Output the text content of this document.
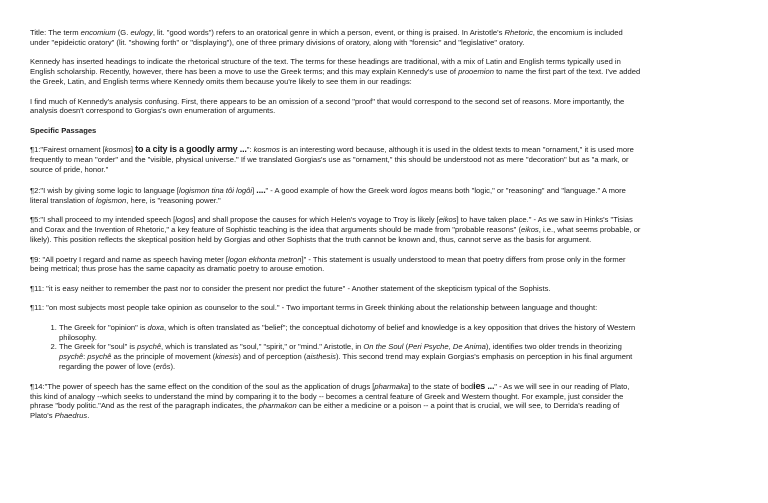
Title: The term encomium (G. eulogy, lit. "good words") refers to an oratorical genre in which a person, event, or thing is praised. In Aristotle's Rhetoric, the encomium is included under "epideictic oratory" (lit. "showing forth" or "displaying"), one of three primary divisions of oratory, along with "forensic" and "legislative" oratory.

Kennedy has inserted headings to indicate the rhetorical structure of the text. The terms for these headings are traditional, with a mix of Latin and English terms typically used in English scholarship. Recently, however, there has been a move to use the Greek terms; and this may explain Kennedy's use of prooemion to name the first part of the text. I've added the Greek, Latin, and English terms where Kennedy omits them because you're likely to see them in our readings:

I find much of Kennedy's analysis confusing. First, there appears to be an omission of a second "proof" that would correspond to the second set of reasons. More importantly, the analysis doesn't correspond to Gorgias's own enumeration of arguments.

Specific Passages

¶1:"Fairest ornament [kosmos] to a city is a goodly army ...": kosmos is an interesting word because, although it is used in the oldest texts to mean "ornament," it is used more frequently to mean "order" and the "visible, physical universe." If we translated Gorgias's use as "ornament," this should be understood not as mere "decoration" but as "a mark, or source of pride, honor."

¶2:"I wish by giving some logic to language [logismon tina tôi logôi] ...." - A good example of how the Greek word logos means both "logic," or "reasoning" and "language." A more literal translation of logismon, here, is "reasoning power."

¶5:"I shall proceed to my intended speech [logos] and shall propose the causes for which Helen's voyage to Troy is likely [eikos] to have taken place." - As we saw in Hinks's "Tisias and Corax and the Invention of Rhetoric," a key feature of Sophistic teaching is the idea that arguments should be made from "probable reasons" (eikos, i.e., what seems probable, or likely). This position reflects the skeptical position held by Gorgias and other Sophists that the truth cannot be known and, thus, cannot serve as the basis for argument.

¶9: "All poetry I regard and name as speech having meter [logon ekhonta metron]" - This statement is usually understood to mean that poetry differs from prose only in the former being metrical; thus prose has the same capacity as dramatic poetry to arouse emotion.

¶11: "it is easy neither to remember the past nor to consider the present nor predict the future" - Another statement of the skepticism typical of the Sophists.

¶11: "on most subjects most people take opinion as counselor to the soul." - Two important terms in Greek thinking about the relationship between language and thought:

1. The Greek for "opinion" is doxa, which is often translated as "belief"; the conceptual dichotomy of belief and knowledge is a key opposition that drives the history of Western philosophy.
2. The Greek for "soul" is psychê, which is translated as "soul," "spirit," or "mind." Aristotle, in On the Soul (Peri Psyche, De Anima), identifies two older trends in theorizing psychê: psychê as the principle of movement (kinesis) and of perception (aisthesis). This second trend may explain Gorgias's emphasis on perception in his final argument regarding the power of love (erôs).

¶14:"The power of speech has the same effect on the condition of the soul as the application of drugs [pharmaka] to the state of bodies ..." - As we will see in our reading of Plato, this kind of analogy --which seeks to understand the mind by comparing it to the body -- becomes a central feature of Greek and Western thought. For example, just consider the phrase "body politic."And as the rest of the paragraph indicates, the pharmakon can be either a medicine or a poison -- a point that is crucial, we will see, to Derrida's reading of Plato's Phaedrus.
